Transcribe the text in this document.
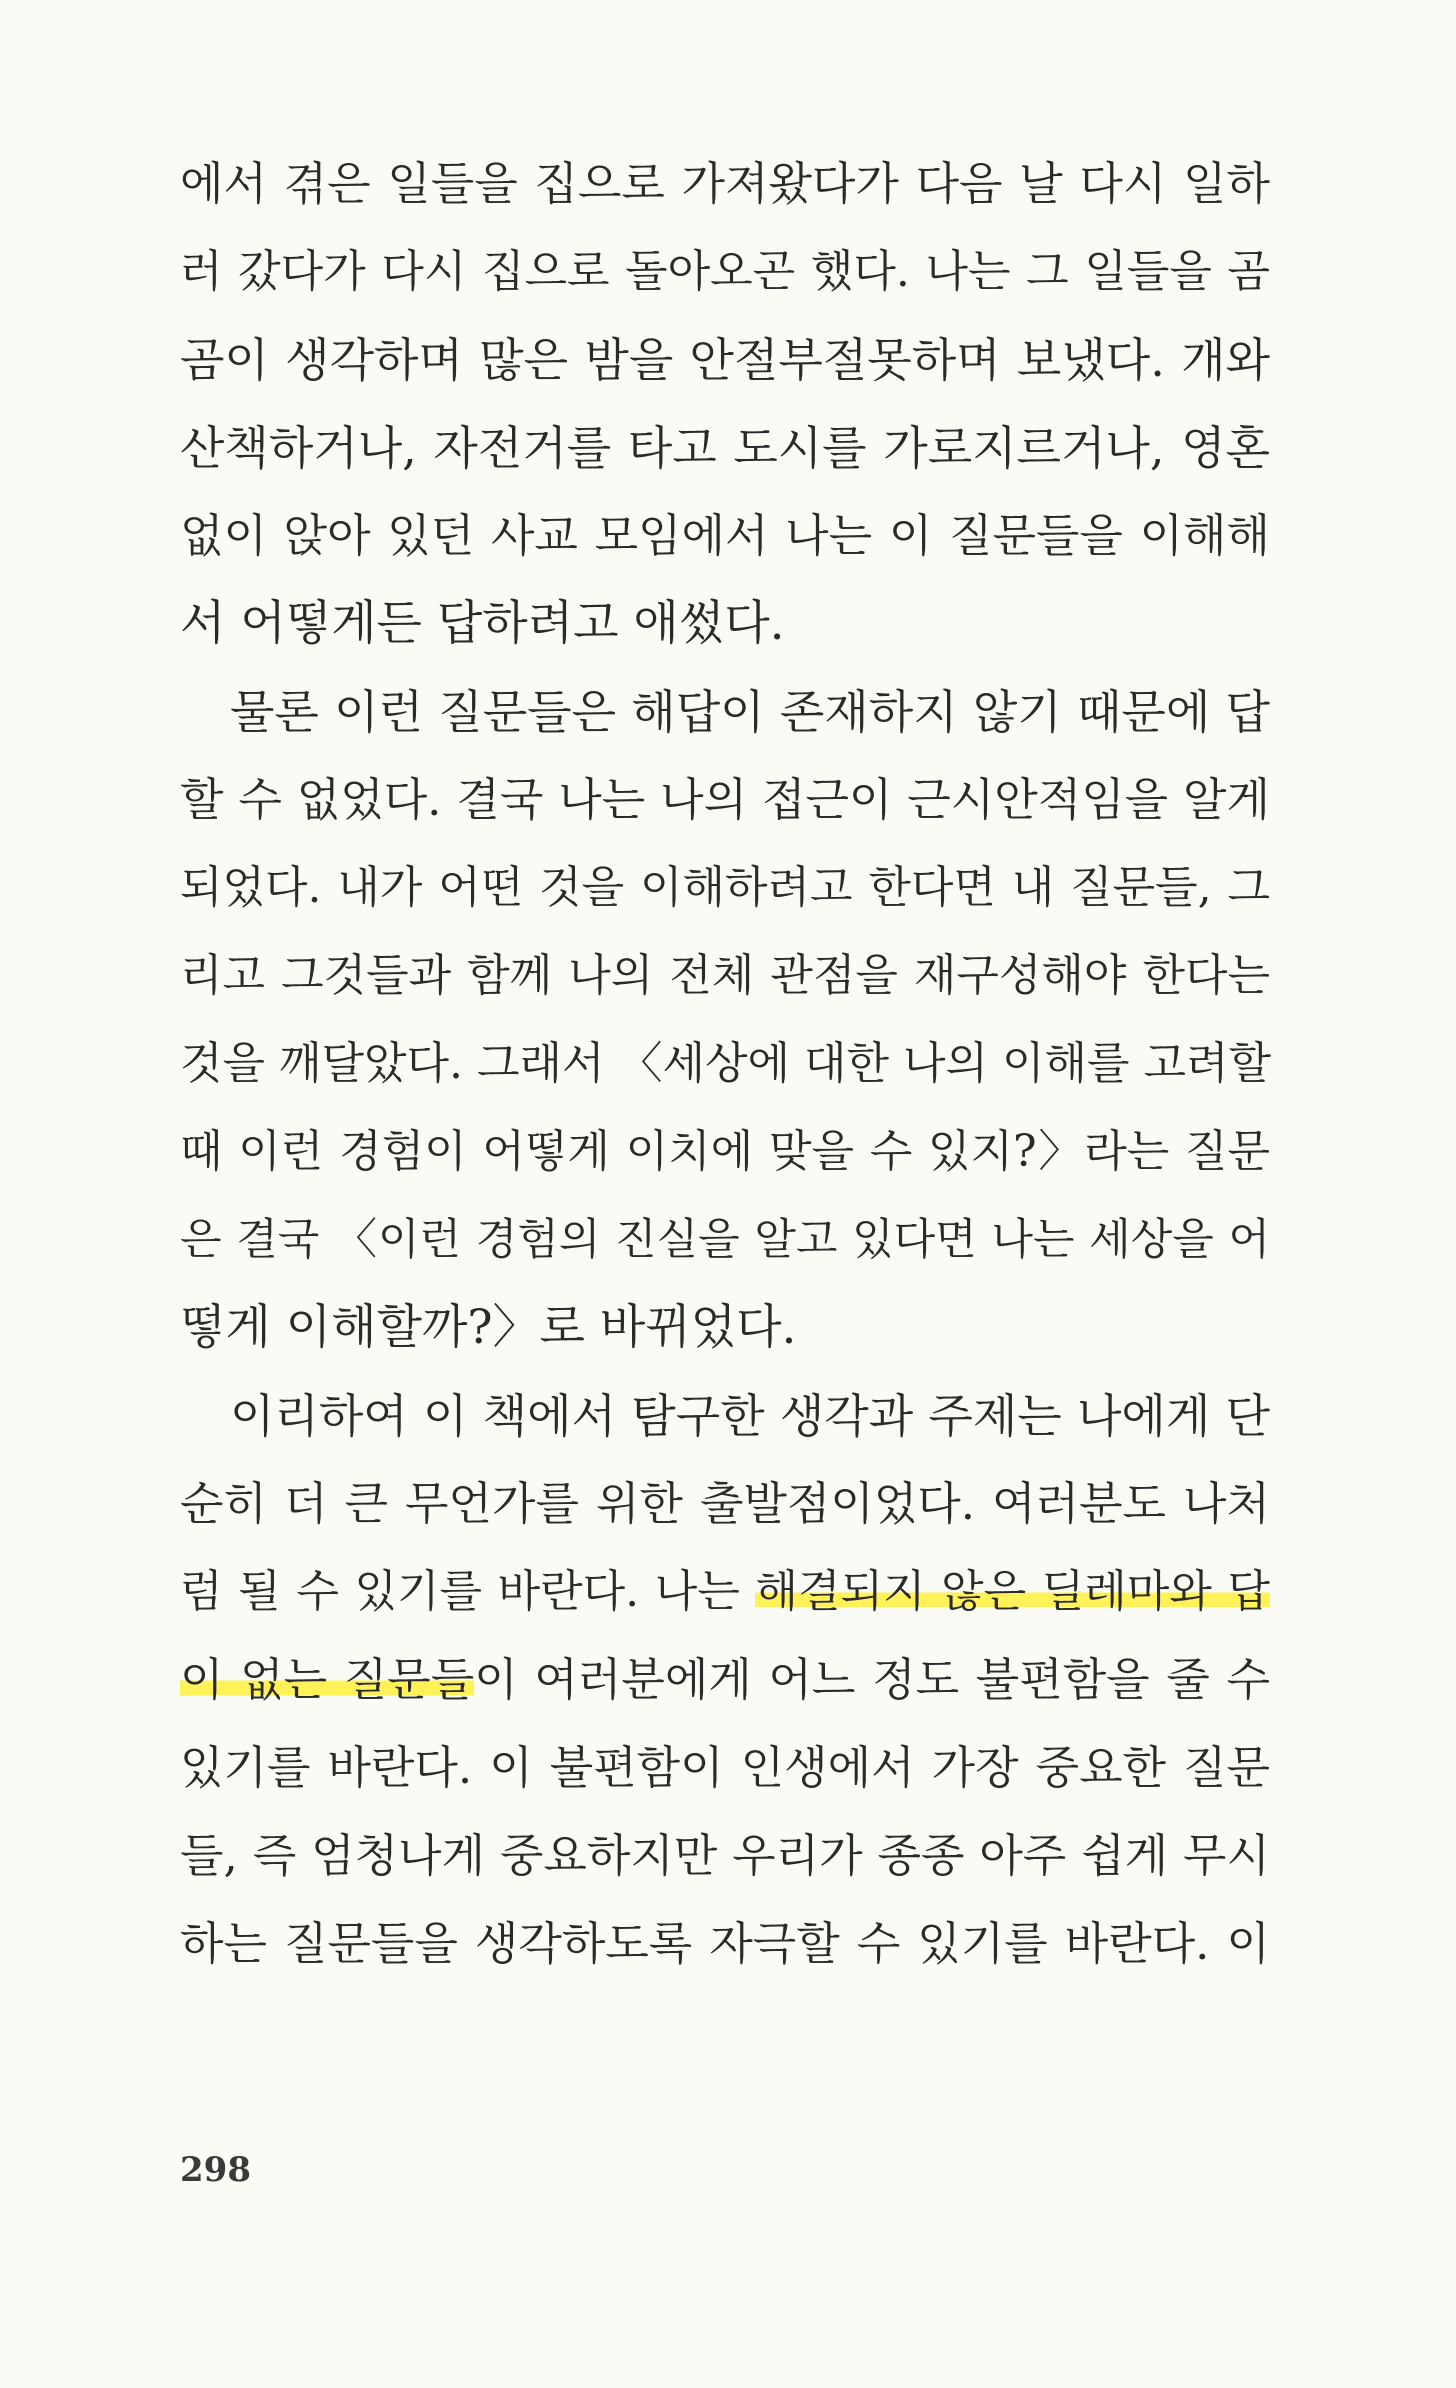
에서 겪은 일들을 집으로 가져왔다가 다음 날 다시 일하
러 갔다가 다시 집으로 돌아오곤 했다. 나는 그 일들을 곰
곰이 생각하며 많은 밤을 안절부절못하며 보냈다. 개와
산책하거나, 자전거를 타고 도시를 가로지르거나, 영혼
없이 앉아 있던 사교 모임에서 나는 이 질문들을 이해해
서 어떻게든 답하려고 애썼다.
물론 이런 질문들은 해답이 존재하지 않기 때문에 답
할 수 없었다. 결국 나는 나의 접근이 근시안적임을 알게
되었다. 내가 어떤 것을 이해하려고 한다면 내 질문들, 그
리고 그것들과 함께 나의 전체 관점을 재구성해야 한다는
것을 깨달았다. 그래서 〈세상에 대한 나의 이해를 고려할
때 이런 경험이 어떻게 이치에 맞을 수 있지?〉라는 질문
은 결국 〈이런 경험의 진실을 알고 있다면 나는 세상을 어
떻게 이해할까?〉로 바뀌었다.
이리하여 이 책에서 탐구한 생각과 주제는 나에게 단
순히 더 큰 무언가를 위한 출발점이었다. 여러분도 나처
럼 될 수 있기를 바란다. 나는 해결되지 않은 딜레마와 답
이 없는 질문들이 여러분에게 어느 정도 불편함을 줄 수
있기를 바란다. 이 불편함이 인생에서 가장 중요한 질문
들, 즉 엄청나게 중요하지만 우리가 종종 아주 쉽게 무시
하는 질문들을 생각하도록 자극할 수 있기를 바란다. 이
298
